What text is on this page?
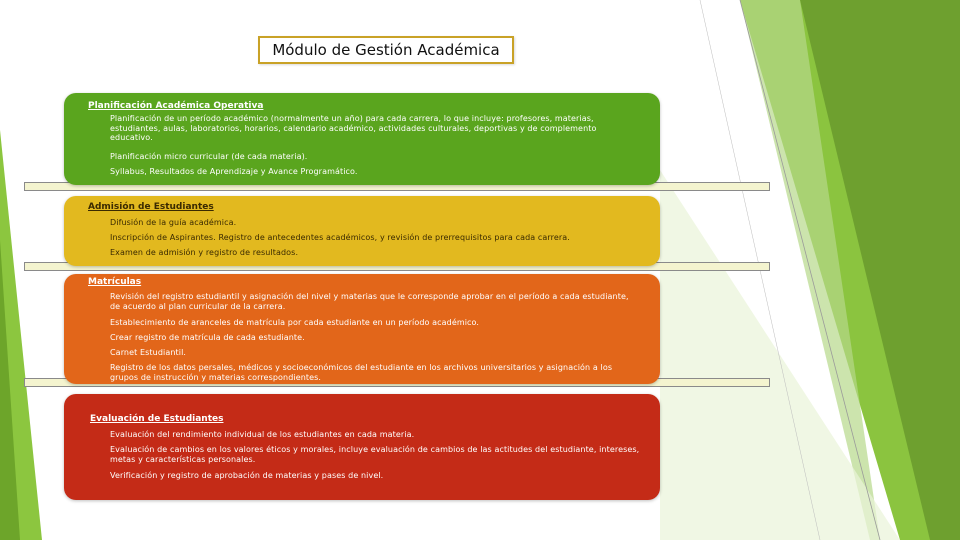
Módulo de Gestión Académica
Planificación Académica Operativa
Planificación de un período académico (normalmente un año) para cada carrera, lo que incluye: profesores, materias, estudiantes, aulas, laboratorios, horarios, calendario académico, actividades culturales, deportivas y de complemento educativo.
Planificación micro curricular (de cada materia).
Syllabus, Resultados de Aprendizaje y Avance Programático.
Admisión de Estudiantes
Difusión de la guía académica.
Inscripción de Aspirantes. Registro de antecedentes académicos, y revisión de prerrequisitos para cada carrera.
Examen de admisión y registro de resultados.
Matrículas
Revisión del registro estudiantil y asignación del nivel y materias que le corresponde aprobar en el período a cada estudiante, de acuerdo al plan curricular de la carrera.
Establecimiento de aranceles de matrícula por cada estudiante en un período académico.
Crear registro de matrícula de cada estudiante.
Carnet Estudiantil.
Registro de los datos persales, médicos y socioeconómicos del estudiante en los archivos universitarios y asignación a los grupos de instrucción y materias correspondientes.
Evaluación de Estudiantes
Evaluación del rendimiento individual de los estudiantes en cada materia.
Evaluación de cambios en los valores éticos y morales, incluye evaluación de cambios de las actitudes del estudiante, intereses, metas y características personales.
Verificación y registro de aprobación de materias y pases de nivel.
